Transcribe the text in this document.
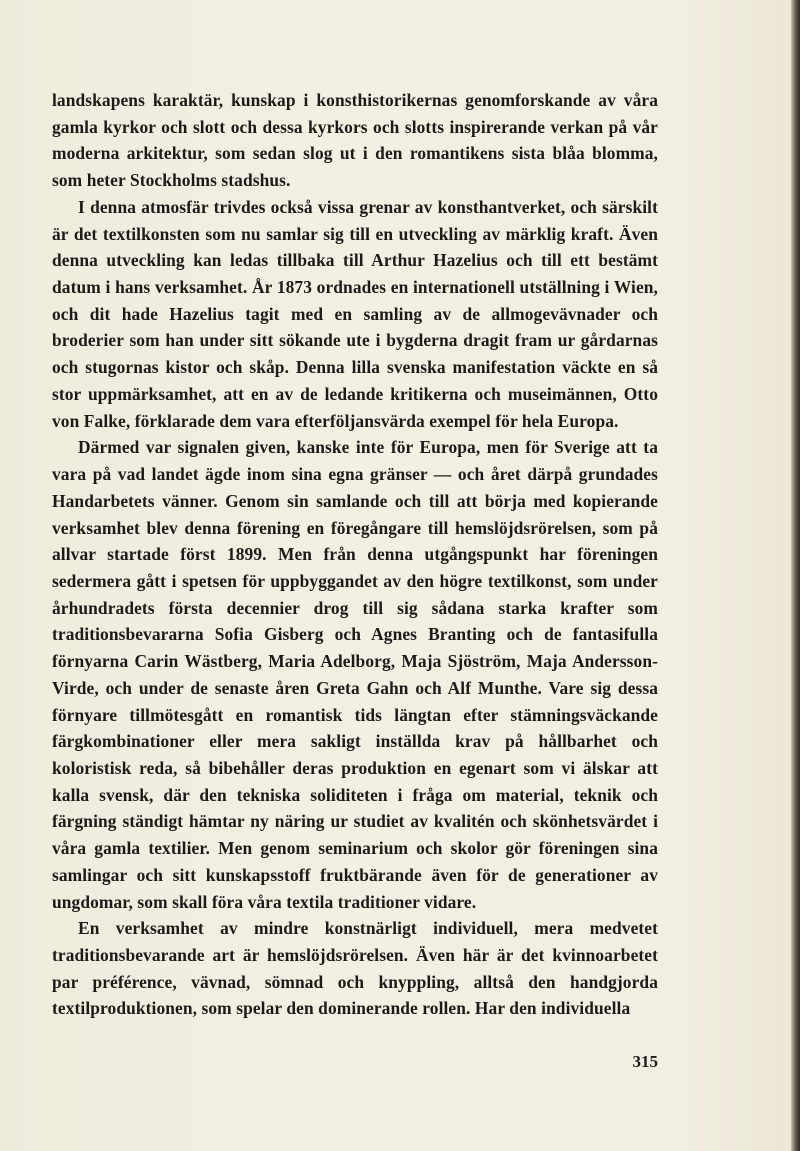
landskapens karaktär, kunskap i konsthistorikernas genomforskande av våra gamla kyrkor och slott och dessa kyrkors och slotts inspirerande verkan på vår moderna arkitektur, som sedan slog ut i den romantikens sista blåa blomma, som heter Stockholms stadshus.

I denna atmosfär trivdes också vissa grenar av konsthantverket, och särskilt är det textilkonsten som nu samlar sig till en utveckling av märklig kraft. Även denna utveckling kan ledas tillbaka till Arthur Hazelius och till ett bestämt datum i hans verksamhet. År 1873 ordnades en internationell utställning i Wien, och dit hade Hazelius tagit med en samling av de allmogevävnader och broderier som han under sitt sökande ute i bygderna dragit fram ur gårdarnas och stugornas kistor och skåp. Denna lilla svenska manifestation väckte en så stor uppmärksamhet, att en av de ledande kritikerna och museimännen, Otto von Falke, förklarade dem vara efterföljansvärda exempel för hela Europa.

Därmed var signalen given, kanske inte för Europa, men för Sverige att ta vara på vad landet ägde inom sina egna gränser — och året därpå grundades Handarbetets vänner. Genom sin samlande och till att börja med kopierande verksamhet blev denna förening en föregångare till hemslöjdsrörelsen, som på allvar startade först 1899. Men från denna utgångspunkt har föreningen sedermera gått i spetsen för uppbyggandet av den högre textilkonst, som under århundradets första decennier drog till sig sådana starka krafter som traditionsbevararna Sofia Gisberg och Agnes Branting och de fantasifulla förnyarna Carin Wästberg, Maria Adelborg, Maja Sjöström, Maja Andersson-Virde, och under de senaste åren Greta Gahn och Alf Munthe. Vare sig dessa förnyare tillmötesgått en romantisk tids längtan efter stämningsväckande färgkombinationer eller mera sakligt inställda krav på hållbarhet och koloristisk reda, så bibehåller deras produktion en egenart som vi älskar att kalla svensk, där den tekniska soliditeten i fråga om material, teknik och färgning ständigt hämtar ny näring ur studiet av kvalitén och skönhetsvärdet i våra gamla textilier. Men genom seminarium och skolor gör föreningen sina samlingar och sitt kunskapsstoff fruktbärande även för de generationer av ungdomar, som skall föra våra textila traditioner vidare.

En verksamhet av mindre konstnärligt individuell, mera medvetet traditionsbevarande art är hemslöjdsrörelsen. Även här är det kvinnoarbetet par préférence, vävnad, sömnad och knyppling, alltså den handgjorda textilproduktionen, som spelar den dominerande rollen. Har den individuella

315
